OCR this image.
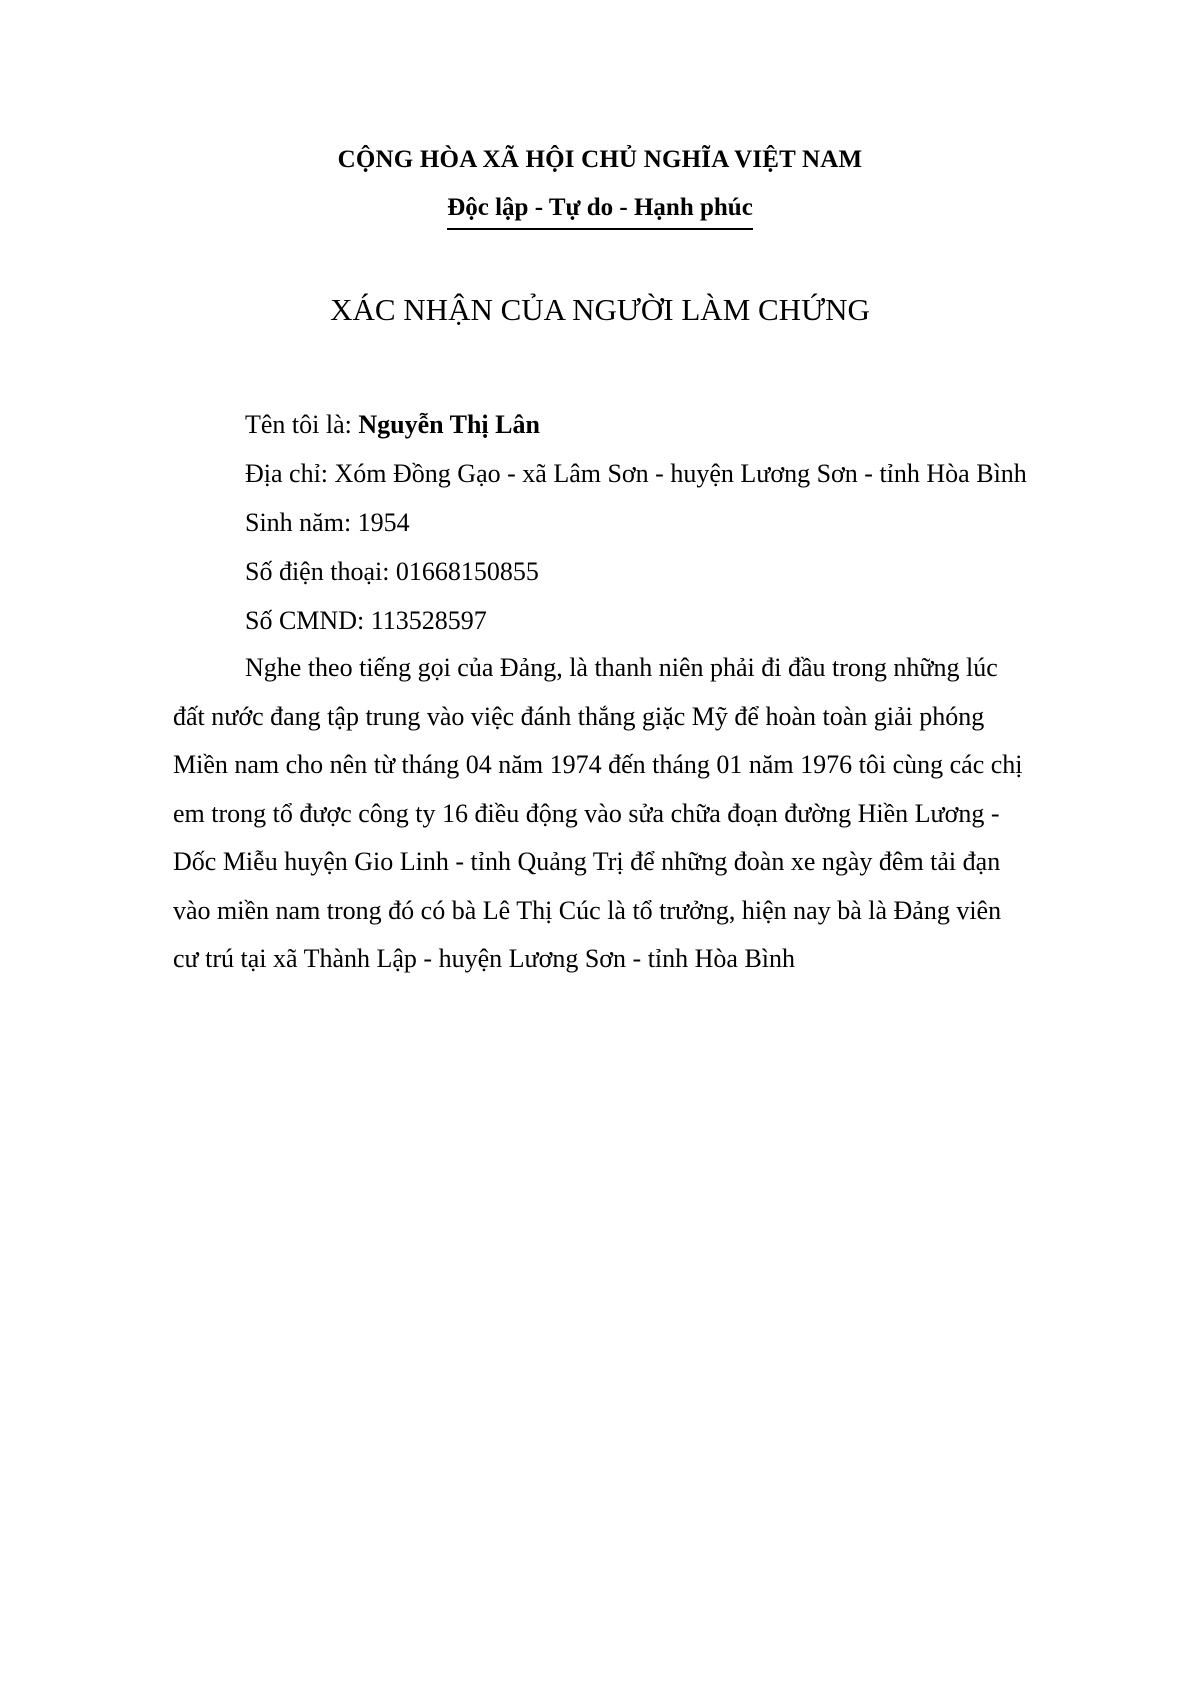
CỘNG HÒA XÃ HỘI CHỦ NGHĨA VIỆT NAM

Độc lập - Tự do - Hạnh phúc
XÁC NHẬN CỦA NGƯỜI LÀM CHỨNG
Tên tôi là: Nguyễn Thị Lân
Địa chỉ: Xóm Đồng Gạo - xã Lâm Sơn - huyện Lương Sơn - tỉnh Hòa Bình
Sinh năm: 1954
Số điện thoại: 01668150855
Số CMND: 113528597
Nghe theo tiếng gọi của Đảng, là thanh niên phải đi đầu trong những lúc
đất nước đang tập trung vào việc đánh thắng giặc Mỹ để hoàn toàn giải phóng
Miền nam cho nên từ tháng 04 năm 1974 đến tháng 01 năm 1976 tôi cùng các chị
em trong tổ được công ty 16 điều động vào sửa chữa đoạn đường Hiền Lương -
Dốc Miễu huyện Gio Linh - tỉnh Quảng Trị để những đoàn xe ngày đêm tải đạn
vào miền nam trong đó có bà Lê Thị Cúc là tổ trưởng, hiện nay bà là Đảng viên
cư trú tại xã Thành Lập - huyện Lương Sơn - tỉnh Hòa Bình
